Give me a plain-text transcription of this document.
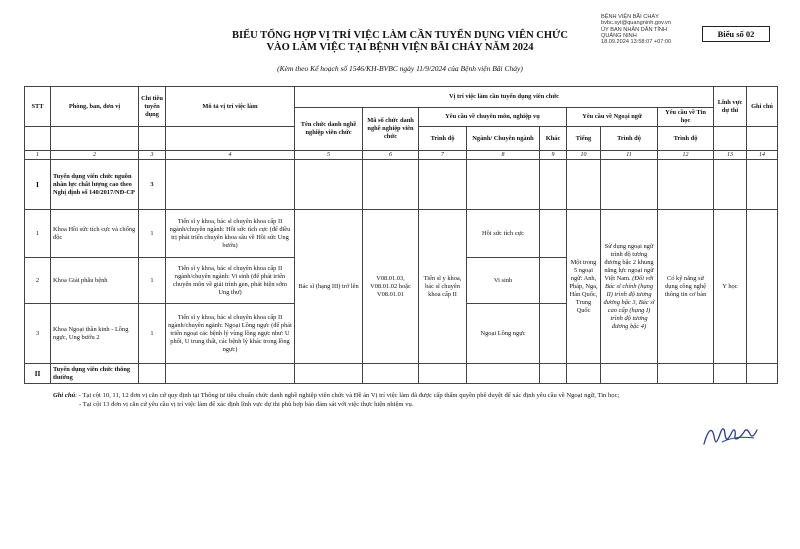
BỆNH VIỆN BÃI CHÁY
bvbc.syt@quangninh.gov.vn
ỦY BAN NHÂN DÂN TỈNH
QUẢNG NINH
18.09.2024 13:58:07 +07:00
Biểu số 02
BIỂU TỔNG HỢP VỊ TRÍ VIỆC LÀM CẦN TUYỂN DỤNG VIÊN CHỨC
VÀO LÀM VIỆC TẠI BỆNH VIỆN BÃI CHÁY NĂM 2024
(Kèm theo Kế hoạch số 1546/KH-BVBC ngày 11/9/2024 của Bệnh viện Bãi Cháy)
STT	Phòng, ban, đơn vị	Chỉ tiêu tuyển dụng	Mô tả vị trí việc làm	Vị trí việc làm cần tuyển dụng viên chức								Lĩnh vực dự thi	Ghi chú
				Tên chức danh nghề nghiệp viên chức	Mã số chức danh nghề nghiệp viên chức	Yêu cầu về chuyên môn, nghiệp vụ			Yêu cầu về Ngoại ngữ		Yêu cầu về Tin học		
						Trình độ	Ngành/ Chuyên ngành	Khác	Tiếng	Trình độ	Trình độ		
1	2	3	4	5	6	7	8	9	10	11	12	13	14
I	Tuyển dụng viên chức nguồn nhân lực chất lượng cao theo Nghị định số 140/2017/NĐ-CP	3											
1	Khoa Hồi sức tích cực và chống độc	1	Tiến sĩ y khoa, bác sĩ chuyên khoa cấp II ngành/chuyên ngành: Hồi sức tích cực (để điều trị phát triển chuyên khoa sâu về Hồi sức Ung bướu)	Bác sĩ (hạng III) trở lên	V08.01.03, V08.01.02 hoặc V08.01.01	Tiến sĩ y khoa, bác sĩ chuyên khoa cấp II	Hồi sức tích cực		Một trong 5 ngoại ngữ: Anh, Pháp, Nga, Hàn Quốc, Trung Quốc	Sử dụng ngoại ngữ trình độ tương đương bậc 2 khung năng lực ngoại ngữ Việt Nam. (Đối với Bác sĩ chính (hạng II) trình độ tương đương bậc 3, Bác sĩ cao cấp (hạng I) trình độ tương đương bậc 4)	Có kỹ năng sử dụng công nghệ thông tin cơ bản	Y học	
2	Khoa Giải phẫu bệnh	1	Tiến sĩ y khoa, bác sĩ chuyên khoa cấp II ngành/chuyên ngành: Vi sinh (để phát triển chuyên môn về giải trình gen, phát hiện sớm Ung thư)				Vi sinh						
3	Khoa Ngoại thần kinh - Lồng ngực, Ung bướu 2	1	Tiến sĩ y khoa, bác sĩ chuyên khoa cấp II ngành/chuyên ngành: Ngoại Lồng ngực (để phát triển ngoại các bệnh lý vùng lồng ngực như: U phổi, U trung thất, các bệnh lý khác trong lồng ngực)				Ngoại Lồng ngực						
II	Tuyển dụng viên chức thông thường												
Ghi chú: - Tại cột 10, 11, 12 đơn vị căn cứ quy định tại Thông tư tiêu chuẩn chức danh nghề nghiệp viên chức và Đề án Vị trí việc làm đã được cấp thẩm quyền phê duyệt để xác định yêu cầu về Ngoại ngữ, Tin học;
- Tại cột 13 đơn vị căn cứ yêu cầu vị trí việc làm để xác định lĩnh vực dự thi phù hợp bảo đảm sát với việc thực hiện nhiệm vụ.
